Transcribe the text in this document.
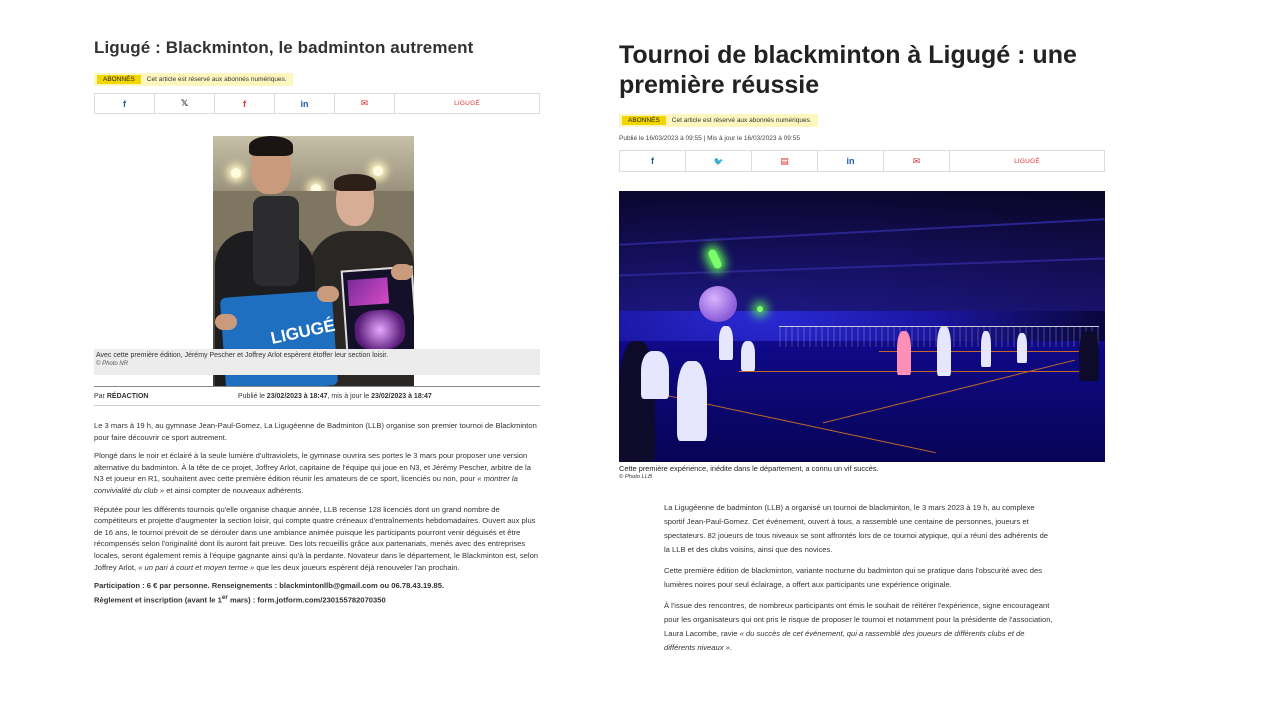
Ligugé : Blackminton, le badminton autrement
ABONNÉS	Cet article est réservé aux abonnés numériques.
f	𝕏	f	in	✉	LIGUGÉ
LIGUGÉ
Avec cette première édition, Jérémy Pescher et Joffrey Arlot espèrent étoffer leur section loisir.
© Photo NR
Par RÉDACTION	Publié le 23/02/2023 à 18:47, mis à jour le 23/02/2023 à 18:47

Le 3 mars à 19 h, au gymnase Jean-Paul-Gomez, La Ligugéenne de Badminton (LLB) organise son premier tournoi de Blackminton pour faire découvrir ce sport autrement.

Plongé dans le noir et éclairé à la seule lumière d'ultraviolets, le gymnase ouvrira ses portes le 3 mars pour proposer une version alternative du badminton. À la tête de ce projet, Joffrey Arlot, capitaine de l'équipe qui joue en N3, et Jérémy Pescher, arbitre de la N3 et joueur en R1, souhaitent avec cette première édition réunir les amateurs de ce sport, licenciés ou non, pour « montrer la convivialité du club » et ainsi compter de nouveaux adhérents.

Réputée pour les différents tournois qu'elle organise chaque année, LLB recense 128 licenciés dont un grand nombre de compétiteurs et projette d'augmenter la section loisir, qui compte quatre créneaux d'entraînements hebdomadaires. Ouvert aux plus de 16 ans, le tournoi prévoit de se dérouler dans une ambiance animée puisque les participants pourront venir déguisés et être récompensés selon l'originalité dont ils auront fait preuve. Des lots recueillis grâce aux partenariats, menés avec des entreprises locales, seront également remis à l'équipe gagnante ainsi qu'à la perdante. Novateur dans le département, le Blackminton est, selon Joffrey Arlot, « un pari à court et moyen terme » que les deux joueurs espèrent déjà renouveler l'an prochain.

Participation : 6 € par personne. Renseignements : blackmintonllb@gmail.com ou 06.78.43.19.85.

Règlement et inscription (avant le 1er mars) : form.jotform.com/230155782070350

Tournoi de blackminton à Ligugé : une première réussie
ABONNÉS	Cet article est réservé aux abonnés numériques.
Publié le 16/03/2023 à 09:55 | Mis à jour le 16/03/2023 à 09:55
f	🐦	▤	in	✉	LIGUGÉ
Cette première expérience, inédite dans le département, a connu un vif succès.
© Photo LLB

La Ligugéenne de badminton (LLB) a organisé un tournoi de blackminton, le 3 mars 2023 à 19 h, au complexe sportif Jean-Paul-Gomez. Cet événement, ouvert à tous, a rassemblé une centaine de personnes, joueurs et spectateurs. 82 joueurs de tous niveaux se sont affrontés lors de ce tournoi atypique, qui a réuni des adhérents de la LLB et des clubs voisins, ainsi que des novices.

Cette première édition de blackminton, variante nocturne du badminton qui se pratique dans l'obscurité avec des lumières noires pour seul éclairage, a offert aux participants une expérience originale.

À l'issue des rencontres, de nombreux participants ont émis le souhait de réitérer l'expérience, signe encourageant pour les organisateurs qui ont pris le risque de proposer le tournoi et notamment pour la présidente de l'association, Laura Lacombe, ravie « du succès de cet événement, qui a rassemblé des joueurs de différents clubs et de différents niveaux ».
